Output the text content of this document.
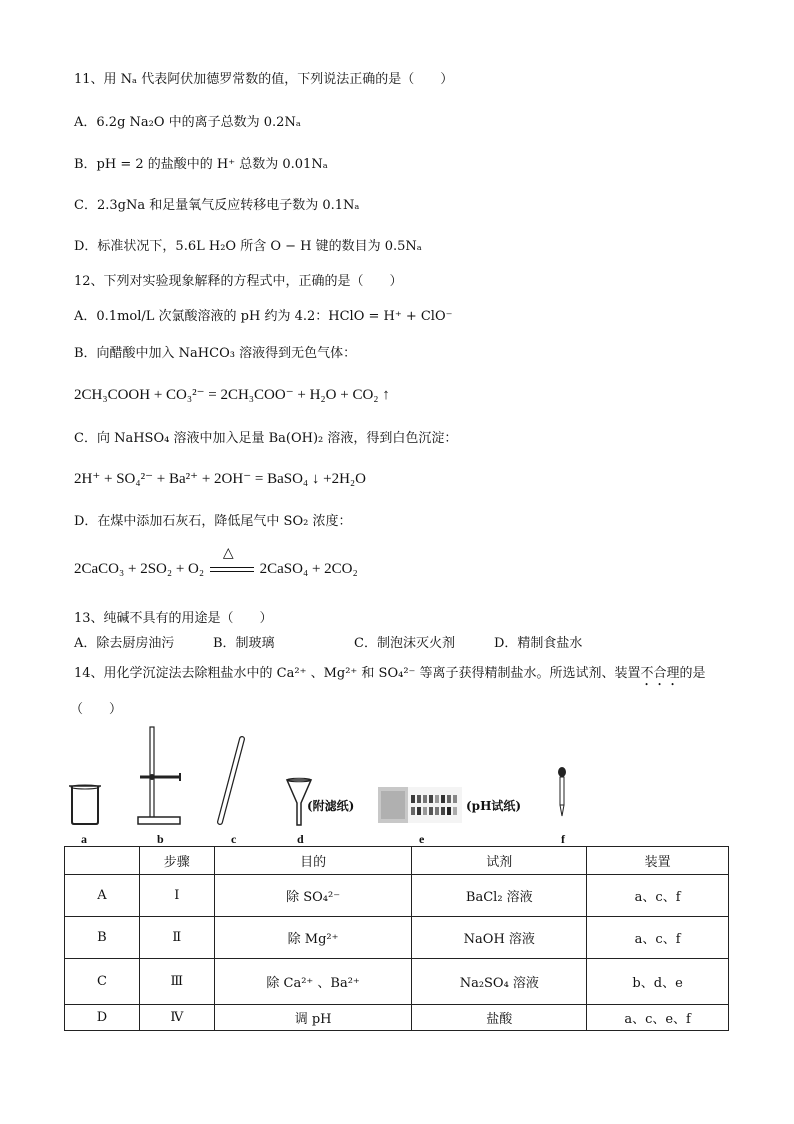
11、用 Nₐ 代表阿伏加德罗常数的值，下列说法正确的是（　　）
A．6.2g Na₂O 中的离子总数为 0.2Nₐ
B．pH = 2 的盐酸中的 H⁺ 总数为 0.01Nₐ
C．2.3gNa 和足量氧气反应转移电子数为 0.1Nₐ
D．标准状况下，5.6L H₂O 所含 O − H 键的数目为 0.5Nₐ
12、下列对实验现象解释的方程式中，正确的是（　　）
A．0.1mol/L 次氯酸溶液的 pH 约为 4.2：HClO = H⁺ + ClO⁻
B．向醋酸中加入 NaHCO₃ 溶液得到无色气体：
2CH₃COOH + CO₃²⁻ = 2CH₃COO⁻ + H₂O + CO₂ ↑
C．向 NaHSO₄ 溶液中加入足量 Ba(OH)₂ 溶液，得到白色沉淀：
2H⁺ + SO₄²⁻ + Ba²⁺ + 2OH⁻ = BaSO₄ ↓ +2H₂O
D．在煤中添加石灰石，降低尾气中 SO₂ 浓度：
2CaCO₃ + 2SO₂ + O₂
△
2CaSO₄ + 2CO₂
13、纯碱不具有的用途是（　　）
A．除去厨房油污	B．制玻璃	C．制泡沫灭火剂	D．精制食盐水
14、用化学沉淀法去除粗盐水中的 Ca²⁺ 、Mg²⁺ 和 SO₄²⁻ 等离子获得精制盐水。所选试剂、装置不合理的是
（　　）
(附滤纸)	(pH试纸)
a	b	c	d	e	f
	步骤	目的	试剂	装置
A	Ⅰ	除 SO₄²⁻	BaCl₂ 溶液	a、c、f
B	Ⅱ	除 Mg²⁺	NaOH 溶液	a、c、f
C	Ⅲ	除 Ca²⁺ 、Ba²⁺	Na₂SO₄ 溶液	b、d、e
D	Ⅳ	调 pH	盐酸	a、c、e、f
